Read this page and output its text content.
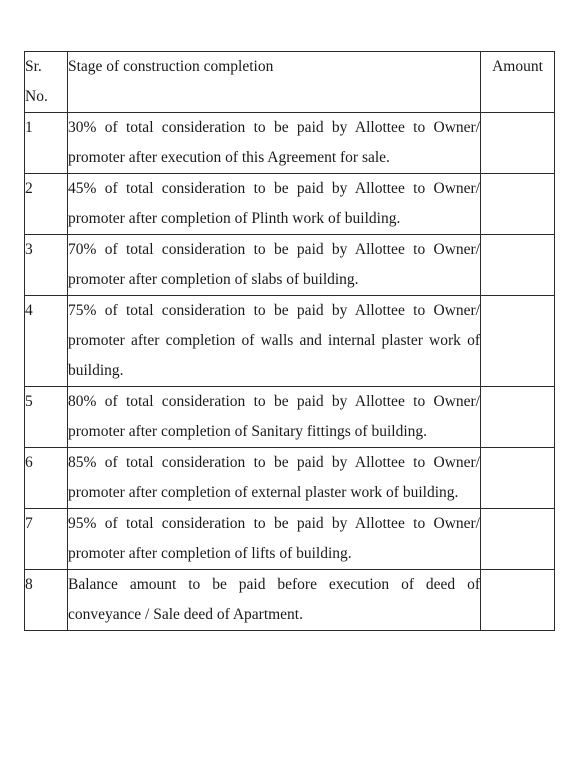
Sr. No.	Stage of construction completion	Amount
1	30% of total consideration to be paid by Allottee to Owner/ promoter after execution of this Agreement for sale.	
2	45% of total consideration to be paid by Allottee to Owner/ promoter after completion of Plinth work of building.	
3	70% of total consideration to be paid by Allottee to Owner/ promoter after completion of slabs of building.	
4	75% of total consideration to be paid by Allottee to Owner/ promoter after completion of walls and internal plaster work of building.	
5	80% of total consideration to be paid by Allottee to Owner/ promoter after completion of Sanitary fittings of building.	
6	85% of total consideration to be paid by Allottee to Owner/ promoter after completion of external plaster work of building.	
7	95% of total consideration to be paid by Allottee to Owner/ promoter after completion of lifts of building.	
8	Balance amount to be paid before execution of deed of conveyance / Sale deed of Apartment.	
